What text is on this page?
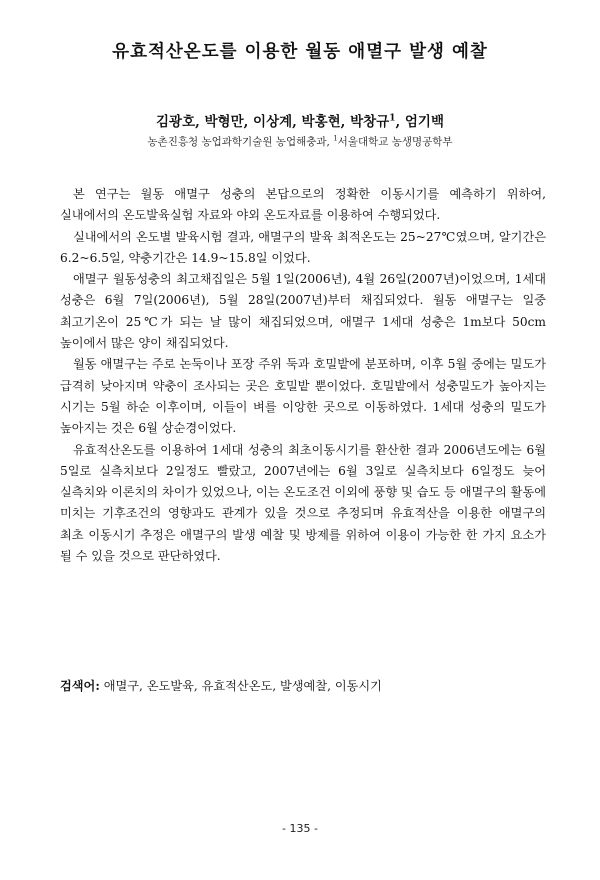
유효적산온도를 이용한 월동 애멸구 발생 예찰
김광호, 박형만, 이상계, 박홍현, 박창규$^1$, 엄기백
농촌진흥청 농업과학기술원 농업해충과, $^1$서울대학교 농생명공학부

본 연구는 월동 애멸구 성충의 본답으로의 정확한 이동시기를 예측하기 위하여, 실내에서의 온도발육실험 자료와 야외 온도자료를 이용하여 수행되었다.

실내에서의 온도별 발육시험 결과, 애멸구의 발육 최적온도는 25~27℃였으며, 알기간은 6.2~6.5일, 약충기간은 14.9~15.8일 이었다.

애멸구 월동성충의 최고채집일은 5월 1일(2006년), 4월 26일(2007년)이었으며, 1세대 성충은 6월 7일(2006년), 5월 28일(2007년)부터 채집되었다. 월동 애멸구는 일중 최고기온이 25℃가 되는 날 많이 채집되었으며, 애멸구 1세대 성충은 1m보다 50cm 높이에서 많은 양이 채집되었다.

월동 애멸구는 주로 논둑이나 포장 주위 둑과 호밀밭에 분포하며, 이후 5월 중에는 밀도가 급격히 낮아지며 약충이 조사되는 곳은 호밀밭 뿐이었다. 호밀밭에서 성충밀도가 높아지는 시기는 5월 하순 이후이며, 이들이 벼를 이앙한 곳으로 이동하였다. 1세대 성충의 밀도가 높아지는 것은 6월 상순경이었다.

유효적산온도를 이용하여 1세대 성충의 최초이동시기를 환산한 결과 2006년도에는 6월 5일로 실측치보다 2일정도 빨랐고, 2007년에는 6월 3일로 실측치보다 6일정도 늦어 실측치와 이론치의 차이가 있었으나, 이는 온도조건 이외에 풍향 및 습도 등 애멸구의 활동에 미치는 기후조건의 영향과도 관계가 있을 것으로 추정되며 유효적산을 이용한 애멸구의 최초 이동시기 추정은 애멸구의 발생 예찰 및 방제를 위하여 이용이 가능한 한 가지 요소가 될 수 있을 것으로 판단하였다.

검색어: 애멸구, 온도발육, 유효적산온도, 발생예찰, 이동시기
- 135 -
